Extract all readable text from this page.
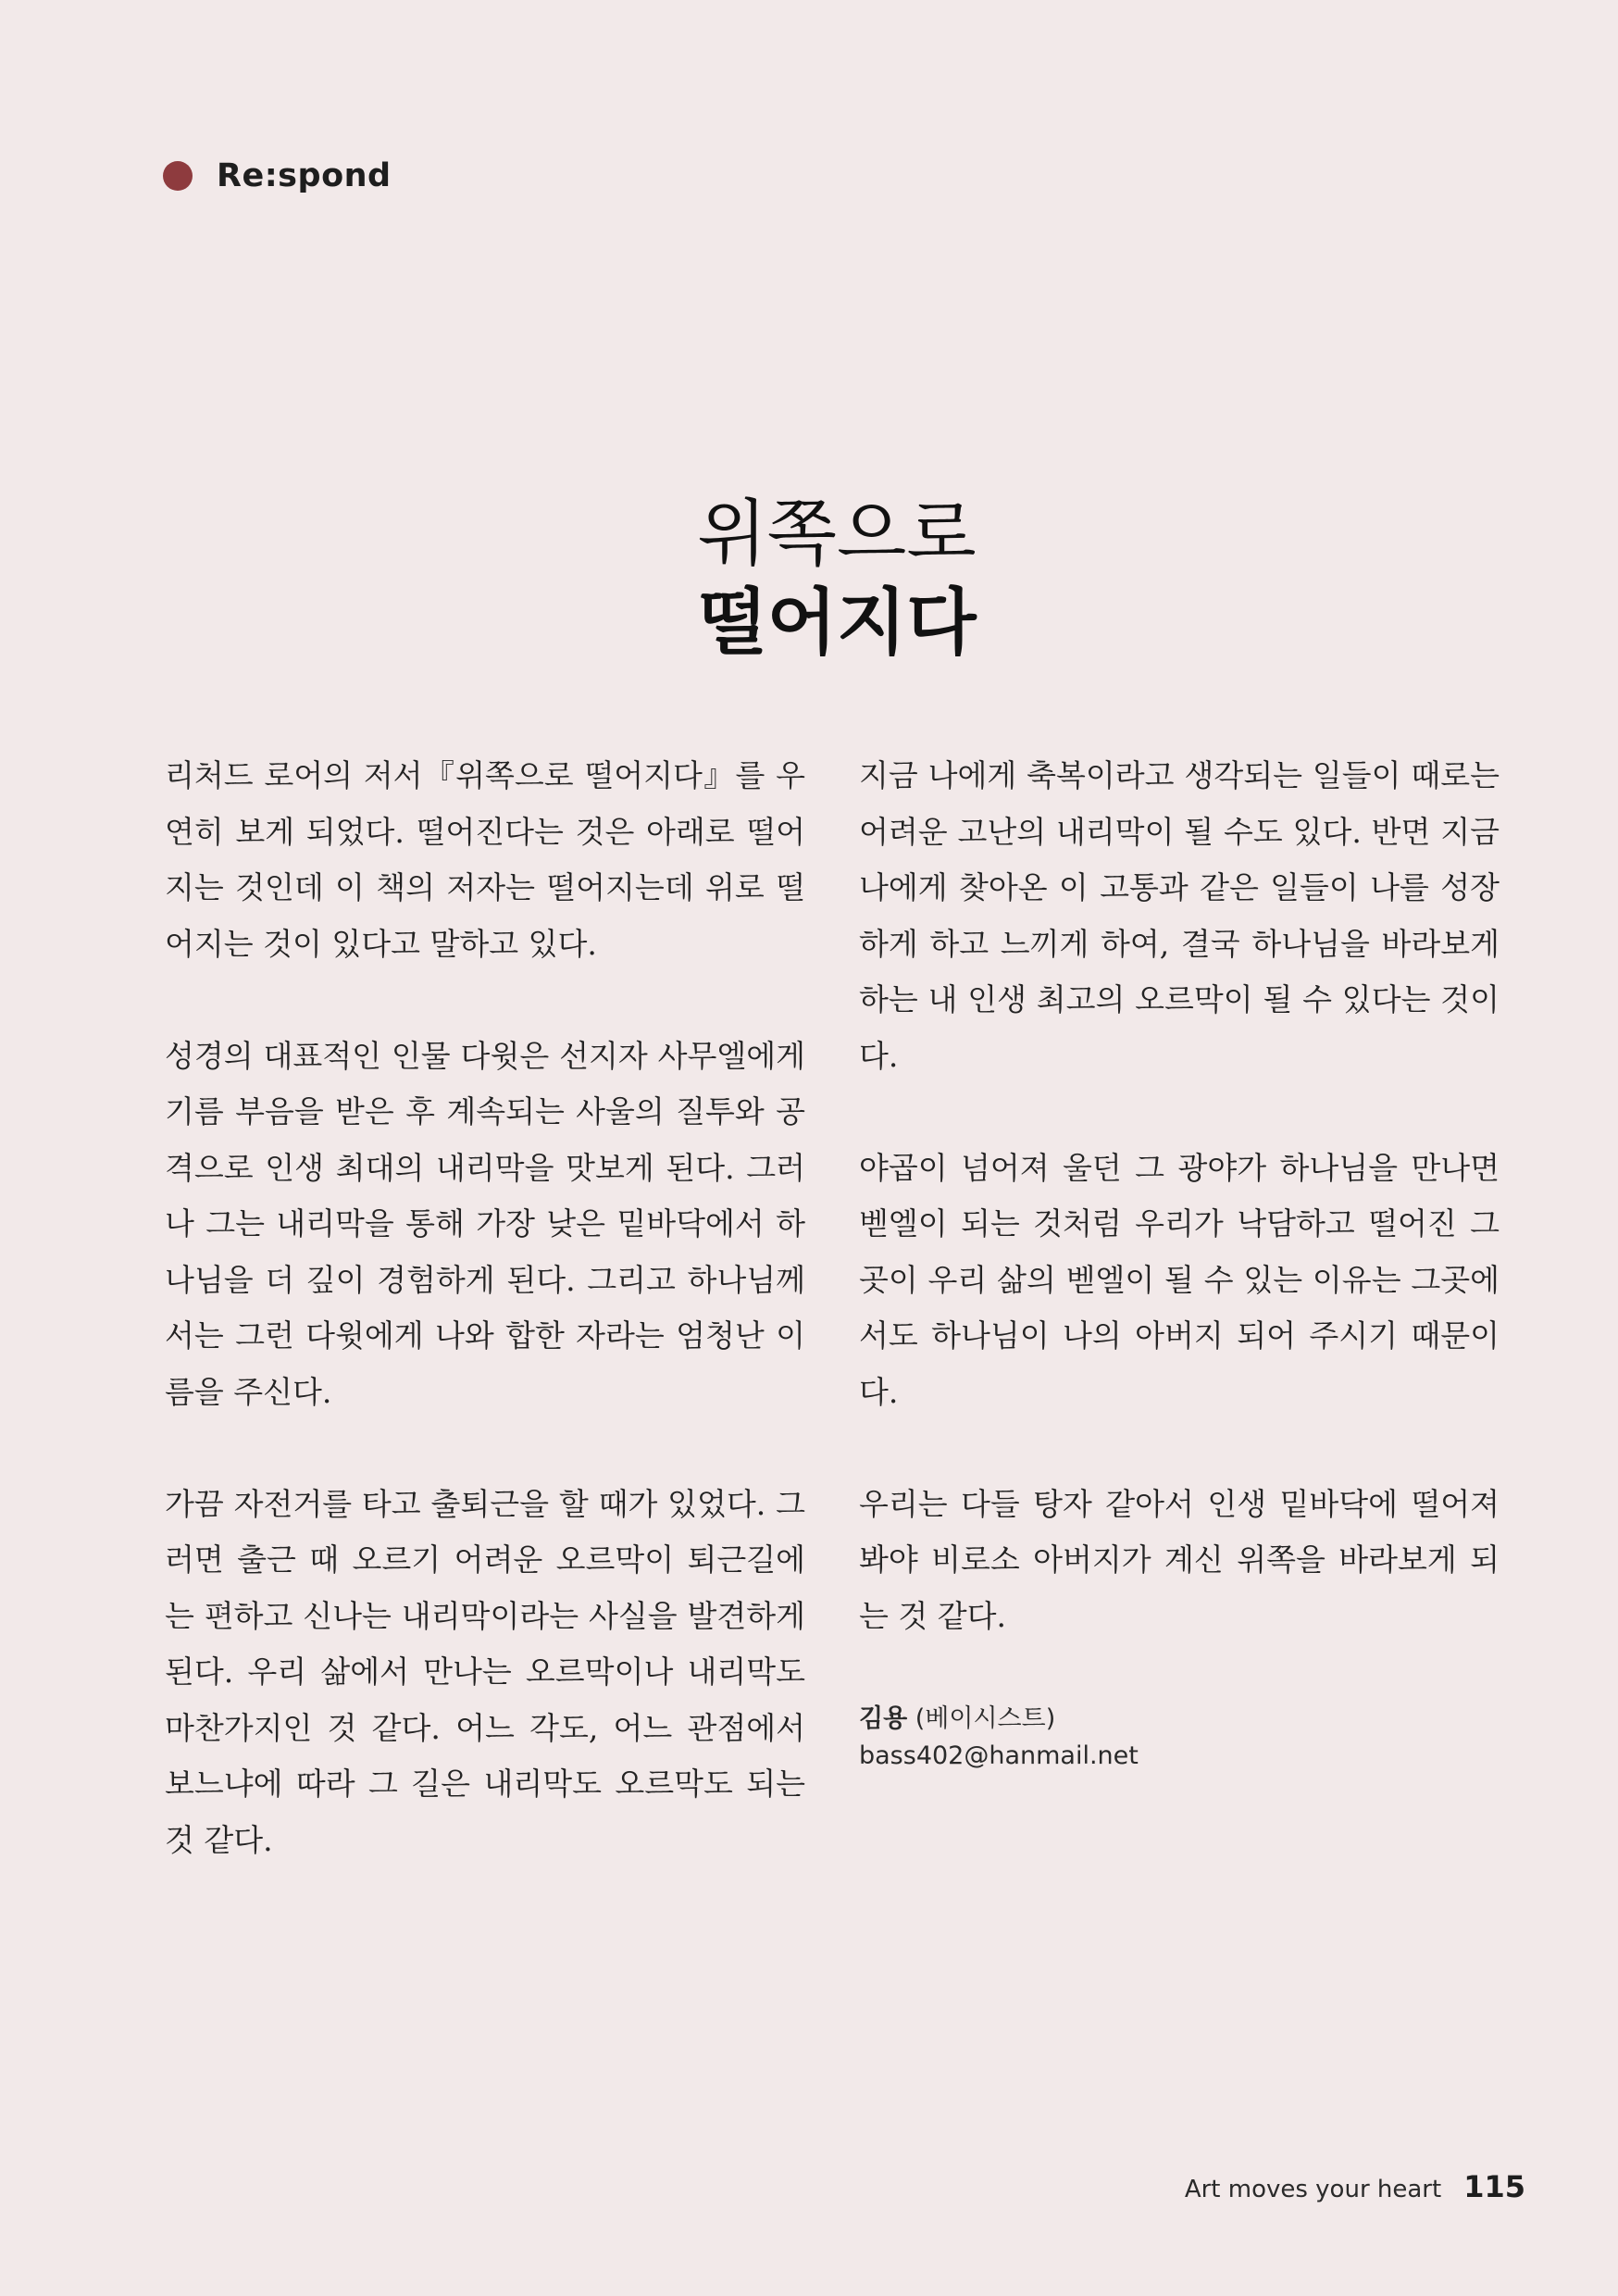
Re:spond
위쪽으로
떨어지다

리처드 로어의 저서『위쪽으로 떨어지다』를 우연히 보게 되었다. 떨어진다는 것은 아래로 떨어지는 것인데 이 책의 저자는 떨어지는데 위로 떨어지는 것이 있다고 말하고 있다.

성경의 대표적인 인물 다윗은 선지자 사무엘에게 기름 부음을 받은 후 계속되는 사울의 질투와 공격으로 인생 최대의 내리막을 맛보게 된다. 그러나 그는 내리막을 통해 가장 낮은 밑바닥에서 하나님을 더 깊이 경험하게 된다. 그리고 하나님께서는 그런 다윗에게 나와 합한 자라는 엄청난 이름을 주신다.

가끔 자전거를 타고 출퇴근을 할 때가 있었다. 그러면 출근 때 오르기 어려운 오르막이 퇴근길에는 편하고 신나는 내리막이라는 사실을 발견하게 된다. 우리 삶에서 만나는 오르막이나 내리막도 마찬가지인 것 같다. 어느 각도, 어느 관점에서 보느냐에 따라 그 길은 내리막도 오르막도 되는 것 같다.

지금 나에게 축복이라고 생각되는 일들이 때로는 어려운 고난의 내리막이 될 수도 있다. 반면 지금 나에게 찾아온 이 고통과 같은 일들이 나를 성장하게 하고 느끼게 하여, 결국 하나님을 바라보게 하는 내 인생 최고의 오르막이 될 수 있다는 것이다.

야곱이 넘어져 울던 그 광야가 하나님을 만나면 벧엘이 되는 것처럼 우리가 낙담하고 떨어진 그곳이 우리 삶의 벧엘이 될 수 있는 이유는 그곳에서도 하나님이 나의 아버지 되어 주시기 때문이다.

우리는 다들 탕자 같아서 인생 밑바닥에 떨어져 봐야 비로소 아버지가 계신 위쪽을 바라보게 되는 것 같다.

김용 (베이시스트)
bass402@hanmail.net
Art moves your heart 115
